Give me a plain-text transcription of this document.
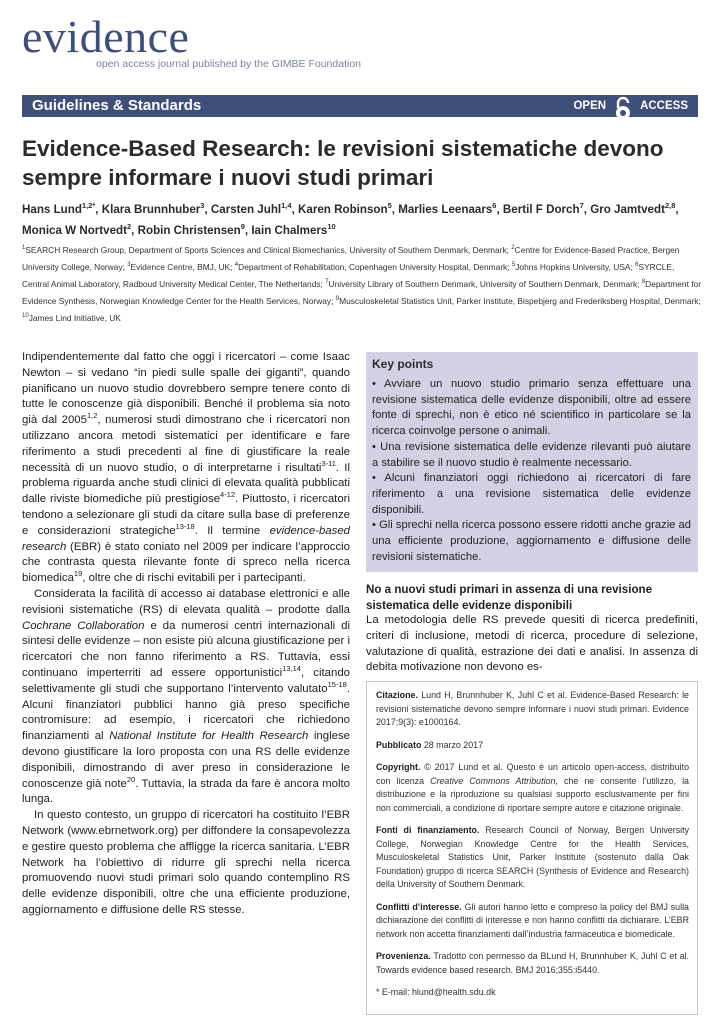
evidence
open access journal published by the GIMBE Foundation
Guidelines & Standards	OPEN	ACCESS
Evidence-Based Research: le revisioni sistematiche devono sempre informare i nuovi studi primari
Hans Lund$^{1,2*}$, Klara Brunnhuber$^3$, Carsten Juhl$^{1,4}$, Karen Robinson$^5$, Marlies Leenaars$^6$, Bertil F Dorch$^7$, Gro Jamtvedt$^{2,8}$, Monica W Nortvedt$^2$, Robin Christensen$^9$, Iain Chalmers$^{10}$
$^1$SEARCH Research Group, Department of Sports Sciences and Clinical Biomechanics, University of Southern Denmark, Denmark; $^2$Centre for Evidence-Based Practice, Bergen University College, Norway; $^3$Evidence Centre, BMJ, UK; $^4$Department of Rehabilitation, Copenhagen University Hospital, Denmark; $^5$Johns Hopkins University, USA; $^6$SYRCLE, Central Animal Laboratory, Radboud University Medical Center, The Netherlands; $^7$University Library of Southern Denmark, University of Southern Denmark, Denmark; $^8$Department for Evidence Synthesis, Norwegian Knowledge Center for the Health Services, Norway; $^9$Musculoskeletal Statistics Unit, Parker Institute, Bispebjerg and Frederiksberg Hospital, Denmark; $^{10}$James Lind Initiative, UK

Indipendentemente dal fatto che oggi i ricercatori – come Isaac Newton – si vedano “in piedi sulle spalle dei giganti”, quando pianificano un nuovo studio dovrebbero sempre tenere conto di tutte le conoscenze già disponibili. Benché il problema sia noto già dal 2005$^{1,2}$, numerosi studi dimostrano che i ricercatori non utilizzano ancora metodi sistematici per identificare e fare riferimento a studi precedenti al fine di giustificare la reale necessità di un nuovo studio, o di interpretarne i risultati$^{3-11}$. Il problema riguarda anche studi clinici di elevata qualità pubblicati dalle riviste biomediche più prestigiose$^{4-12}$. Piuttosto, i ricercatori tendono a selezionare gli studi da citare sulla base di preferenze e considerazioni strategiche$^{13-18}$. Il termine evidence-based research (EBR) è stato coniato nel 2009 per indicare l’approccio che contrasta questa rilevante fonte di spreco nella ricerca biomedica$^{19}$, oltre che di rischi evitabili per i partecipanti.

Considerata la facilità di accesso ai database elettronici e alle revisioni sistematiche (RS) di elevata qualità – prodotte dalla Cochrane Collaboration e da numerosi centri internazionali di sintesi delle evidenze – non esiste più alcuna giustificazione per i ricercatori che non fanno riferimento a RS. Tuttavia, essi continuano imperterriti ad essere opportunistici$^{13,14}$, citando selettivamente gli studi che supportano l’intervento valutato$^{15-18}$. Alcuni finanziatori pubblici hanno già preso specifiche contromisure: ad esempio, i ricercatori che richiedono finanziamenti al National Institute for Health Research inglese devono giustificare la loro proposta con una RS delle evidenze disponibili, dimostrando di aver preso in considerazione le conoscenze già note$^{20}$. Tuttavia, la strada da fare è ancora molto lunga.

In questo contesto, un gruppo di ricercatori ha costituito l’EBR Network (www.ebrnetwork.org) per diffondere la consapevolezza e gestire questo problema che affligge la ricerca sanitaria. L’EBR Network ha l’obiettivo di ridurre gli sprechi nella ricerca promuovendo nuovi studi primari solo quando contemplino RS delle evidenze disponibili, oltre che una efficiente produzione, aggiornamento e diffusione delle RS stesse.

Key points

• Avviare un nuovo studio primario senza effettuare una revisione sistematica delle evidenze disponibili, oltre ad essere fonte di sprechi, non è etico né scientifico in particolare se la ricerca coinvolge persone o animali.

• Una revisione sistematica delle evidenze rilevanti può aiutare a stabilire se il nuovo studio è realmente necessario.

• Alcuni finanziatori oggi richiedono ai ricercatori di fare riferimento a una revisione sistematica delle evidenze disponibili.

• Gli sprechi nella ricerca possono essere ridotti anche grazie ad una efficiente produzione, aggiornamento e diffusione delle revisioni sistematiche.

No a nuovi studi primari in assenza di una revisione sistematica delle evidenze disponibili

La metodologia delle RS prevede quesiti di ricerca predefiniti, criteri di inclusione, metodi di ricerca, procedure di selezione, valutazione di qualità, estrazione dei dati e analisi. In assenza di debita motivazione non devono es-

Citazione. Lund H, Brunnhuber K, Juhl C et al. Evidence-Based Research: le revisioni sistematiche devono sempre informare i nuovi studi primari. Evidence 2017;9(3): e1000164.

Pubblicato 28 marzo 2017

Copyright. © 2017 Lund et al. Questo è un articolo open-access, distribuito con licenza Creative Commons Attribution, che ne consente l’utilizzo, la distribuzione e la riproduzione su qualsiasi supporto esclusivamente per fini non commerciali, a condizione di riportare sempre autore e citazione originale.

Fonti di finanziamento. Research Council of Norway, Bergen University College, Norwegian Knowledge Centre for the Health Services, Musculoskeletal Statistics Unit, Parker Institute (sostenuto dalla Oak Foundation) gruppo di ricerca SEARCH (Synthesis of Evidence and Research) della University of Southern Denmark.

Conflitti d’interesse. Gli autori hanno letto e compreso la policy del BMJ sulla dichiarazione dei conflitti di interesse e non hanno conflitti da dichiarare. L’EBR network non accetta finanziamenti dall’industria farmaceutica e biomedicale.

Provenienza. Tradotto con permesso da BLund H, Brunnhuber K, Juhl C et al. Towards evidence based research. BMJ 2016;355:i5440.

* E-mail: hlund@health.sdu.dk
